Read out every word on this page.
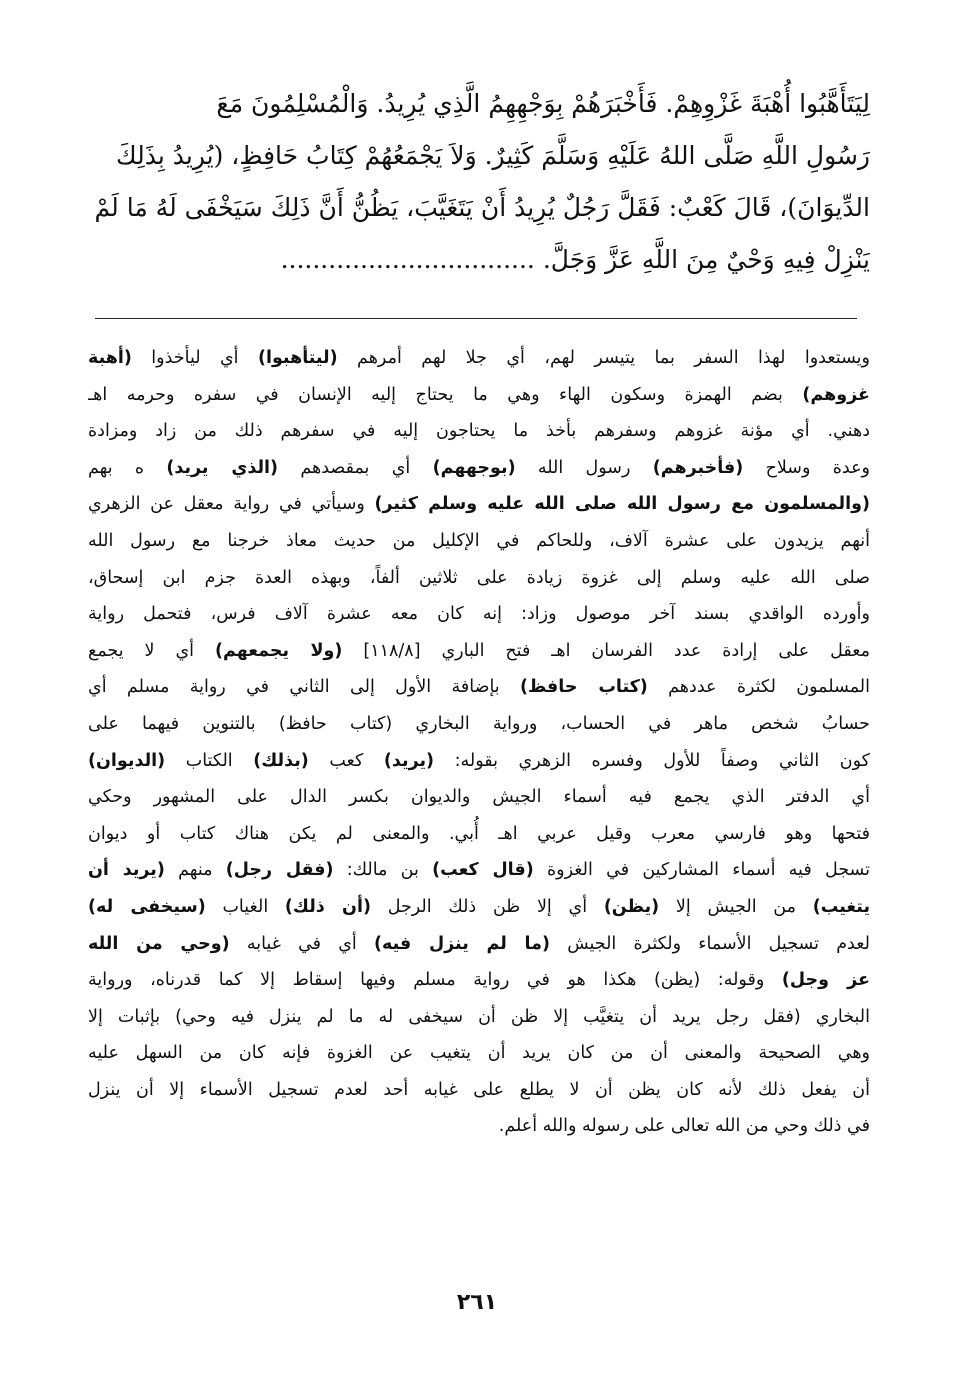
لِيَتَأَهَّبُوا أُهْبَةَ غَزْوِهِمْ. فَأَخْبَرَهُمْ بِوَجْهِهِمُ الَّذِي يُرِيدُ. وَالْمُسْلِمُونَ مَعَ
رَسُولِ اللَّهِ صَلَّى اللهُ عَلَيْهِ وَسَلَّمَ كَثِيرٌ. وَلاَ يَجْمَعُهُمْ كِتَابُ حَافِظٍ، (يُرِيدُ بِذَلِكَ
الدِّيوَانَ)، قَالَ كَعْبٌ: فَقَلَّ رَجُلٌ يُرِيدُ أَنْ يَتَغَيَّبَ، يَظُنُّ أَنَّ ذَلِكَ سَيَخْفَى لَهُ مَا لَمْ
يَنْزِلْ فِيهِ وَحْيٌ مِنَ اللَّهِ عَزَّ وَجَلَّ. ................................
ويستعدوا لهذا السفر بما يتيسر لهم، أي جلا لهم أمرهم (ليتأهبوا) أي ليأخذوا (أهبة
غزوهم) بضم الهمزة وسكون الهاء وهي ما يحتاج إليه الإنسان في سفره وحرمه اهـ
دهني. أي مؤنة غزوهم وسفرهم بأخذ ما يحتاجون إليه في سفرهم ذلك من زاد ومزادة
وعدة وسلاح (فأخبرهم) رسول الله (بوجههم) أي بمقصدهم (الذي يريد) ه بهم
(والمسلمون مع رسول الله صلى الله عليه وسلم كثير) وسيأتي في رواية معقل عن الزهري
أنهم يزيدون على عشرة آلاف، وللحاكم في الإكليل من حديث معاذ خرجنا مع رسول الله
صلى الله عليه وسلم إلى غزوة زيادة على ثلاثين ألفاً، وبهذه العدة جزم ابن إسحاق،
وأورده الواقدي بسند آخر موصول وزاد: إنه كان معه عشرة آلاف فرس، فتحمل رواية
معقل على إرادة عدد الفرسان اهـ فتح الباري [١١٨/٨] (ولا يجمعهم) أي لا يجمع
المسلمون لكثرة عددهم (كتاب حافظ) بإضافة الأول إلى الثاني في رواية مسلم أي
حسابُ شخص ماهر في الحساب، ورواية البخاري (كتاب حافظ) بالتنوين فيهما على
كون الثاني وصفاً للأول وفسره الزهري بقوله: (يريد) كعب (بذلك) الكتاب (الديوان)
أي الدفتر الذي يجمع فيه أسماء الجيش والديوان بكسر الدال على المشهور وحكي
فتحها وهو فارسي معرب وقيل عربي اهـ أُبي. والمعنى لم يكن هناك كتاب أو ديوان
تسجل فيه أسماء المشاركين في الغزوة (قال كعب) بن مالك: (فقل رجل) منهم (يريد أن
يتغيب) من الجيش إلا (يظن) أي إلا ظن ذلك الرجل (أن ذلك) الغياب (سيخفى له)
لعدم تسجيل الأسماء ولكثرة الجيش (ما لم ينزل فيه) أي في غيابه (وحي من الله
عز وجل) وقوله: (يظن) هكذا هو في رواية مسلم وفيها إسقاط إلا كما قدرناه، ورواية
البخاري (فقل رجل يريد أن يتغيَّب إلا ظن أن سيخفى له ما لم ينزل فيه وحي) بإثبات إلا
وهي الصحيحة والمعنى أن من كان يريد أن يتغيب عن الغزوة فإنه كان من السهل عليه
أن يفعل ذلك لأنه كان يظن أن لا يطلع على غيابه أحد لعدم تسجيل الأسماء إلا أن ينزل
في ذلك وحي من الله تعالى على رسوله والله أعلم.
٢٦١
